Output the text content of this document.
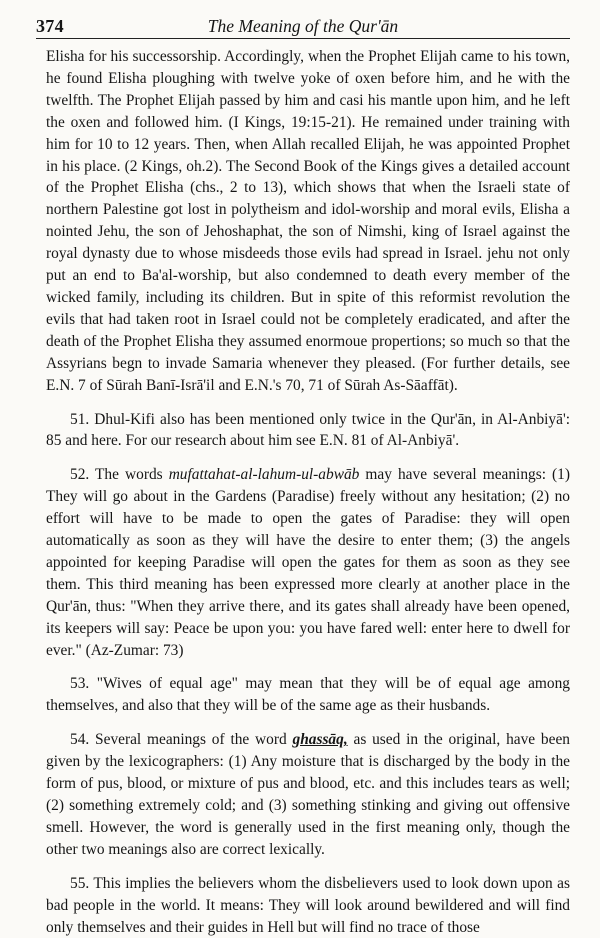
374	The Meaning of the Qur'ān

Elisha for his successorship. Accordingly, when the Prophet Elijah came to his town, he found Elisha ploughing with twelve yoke of oxen before him, and he with the twelfth. The Prophet Elijah passed by him and casi his mantle upon him, and he left the oxen and followed him. (I Kings, 19:15-21). He remained under training with him for 10 to 12 years. Then, when Allah recalled Elijah, he was appointed Prophet in his place. (2 Kings, oh.2). The Second Book of the Kings gives a detailed account of the Prophet Elisha (chs., 2 to 13), which shows that when the Israeli state of northern Palestine got lost in polytheism and idol-worship and moral evils, Elisha a nointed Jehu, the son of Jehoshaphat, the son of Nimshi, king of Israel against the royal dynasty due to whose misdeeds those evils had spread in Israel. jehu not only put an end to Ba'al-worship, but also condemned to death every member of the wicked family, including its children. But in spite of this reformist revolution the evils that had taken root in Israel could not be completely eradicated, and after the death of the Prophet Elisha they assumed enormoue propertions; so much so that the Assyrians begn to invade Samaria whenever they pleased. (For further details, see E.N. 7 of Sūrah Banī-Isrā'il and E.N.'s 70, 71 of Sūrah As-Sāaffāt).

51. Dhul-Kifi also has been mentioned only twice in the Qur'ān, in Al-Anbiyā': 85 and here. For our research about him see E.N. 81 of Al-Anbiyā'.

52. The words mufattahat-al-lahum-ul-abwāb may have several meanings: (1) They will go about in the Gardens (Paradise) freely without any hesitation; (2) no effort will have to be made to open the gates of Paradise: they will open automatically as soon as they will have the desire to enter them; (3) the angels appointed for keeping Paradise will open the gates for them as soon as they see them. This third meaning has been expressed more clearly at another place in the Qur'ān, thus: "When they arrive there, and its gates shall already have been opened, its keepers will say: Peace be upon you: you have fared well: enter here to dwell for ever." (Az-Zumar: 73)

53. "Wives of equal age" may mean that they will be of equal age among themselves, and also that they will be of the same age as their husbands.

54. Several meanings of the word ghassāq, as used in the original, have been given by the lexicographers: (1) Any moisture that is discharged by the body in the form of pus, blood, or mixture of pus and blood, etc. and this includes tears as well; (2) something extremely cold; and (3) something stinking and giving out offensive smell. However, the word is generally used in the first meaning only, though the other two meanings also are correct lexically.

55. This implies the believers whom the disbelievers used to look down upon as bad people in the world. It means: They will look around bewildered and will find only themselves and their guides in Hell but will find no trace of those
